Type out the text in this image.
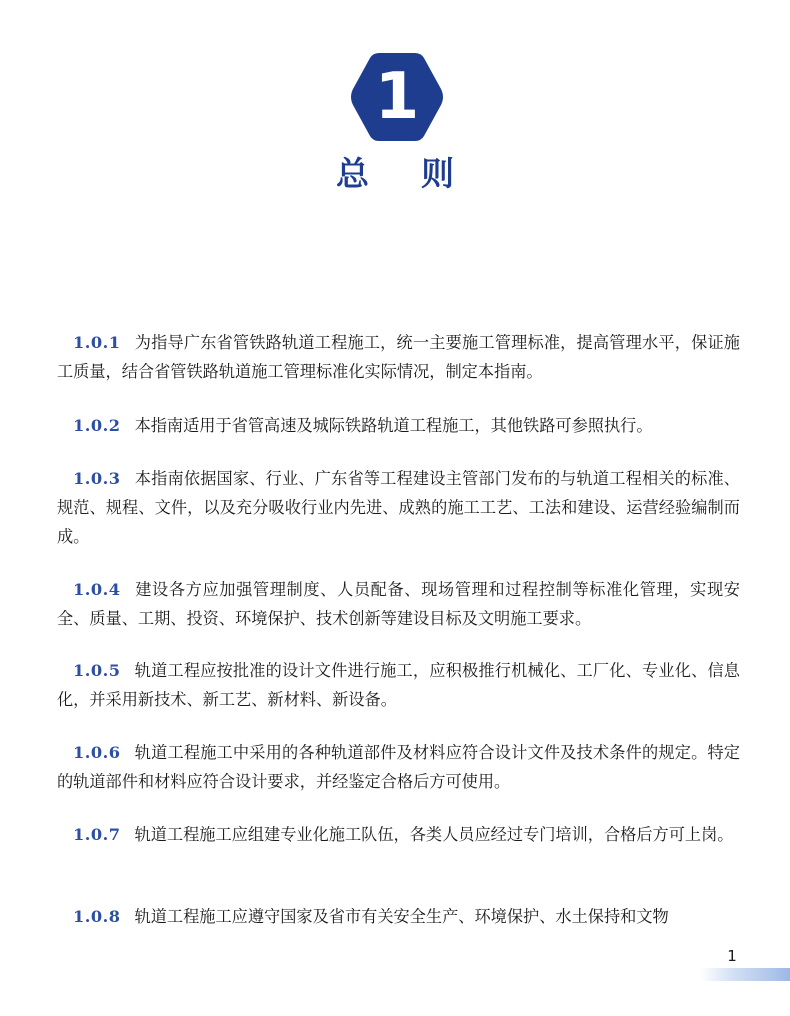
1
总则
1.0.1 为指导广东省管铁路轨道工程施工，统一主要施工管理标准，提高管理水平，保证施工质量，结合省管铁路轨道施工管理标准化实际情况，制定本指南。
1.0.2 本指南适用于省管高速及城际铁路轨道工程施工，其他铁路可参照执行。
1.0.3 本指南依据国家、行业、广东省等工程建设主管部门发布的与轨道工程相关的标准、规范、规程、文件，以及充分吸收行业内先进、成熟的施工工艺、工法和建设、运营经验编制而成。
1.0.4 建设各方应加强管理制度、人员配备、现场管理和过程控制等标准化管理，实现安全、质量、工期、投资、环境保护、技术创新等建设目标及文明施工要求。
1.0.5 轨道工程应按批准的设计文件进行施工，应积极推行机械化、工厂化、专业化、信息化，并采用新技术、新工艺、新材料、新设备。
1.0.6 轨道工程施工中采用的各种轨道部件及材料应符合设计文件及技术条件的规定。特定的轨道部件和材料应符合设计要求，并经鉴定合格后方可使用。
1.0.7 轨道工程施工应组建专业化施工队伍，各类人员应经过专门培训，合格后方可上岗。
1.0.8 轨道工程施工应遵守国家及省市有关安全生产、环境保护、水土保持和文物
1
